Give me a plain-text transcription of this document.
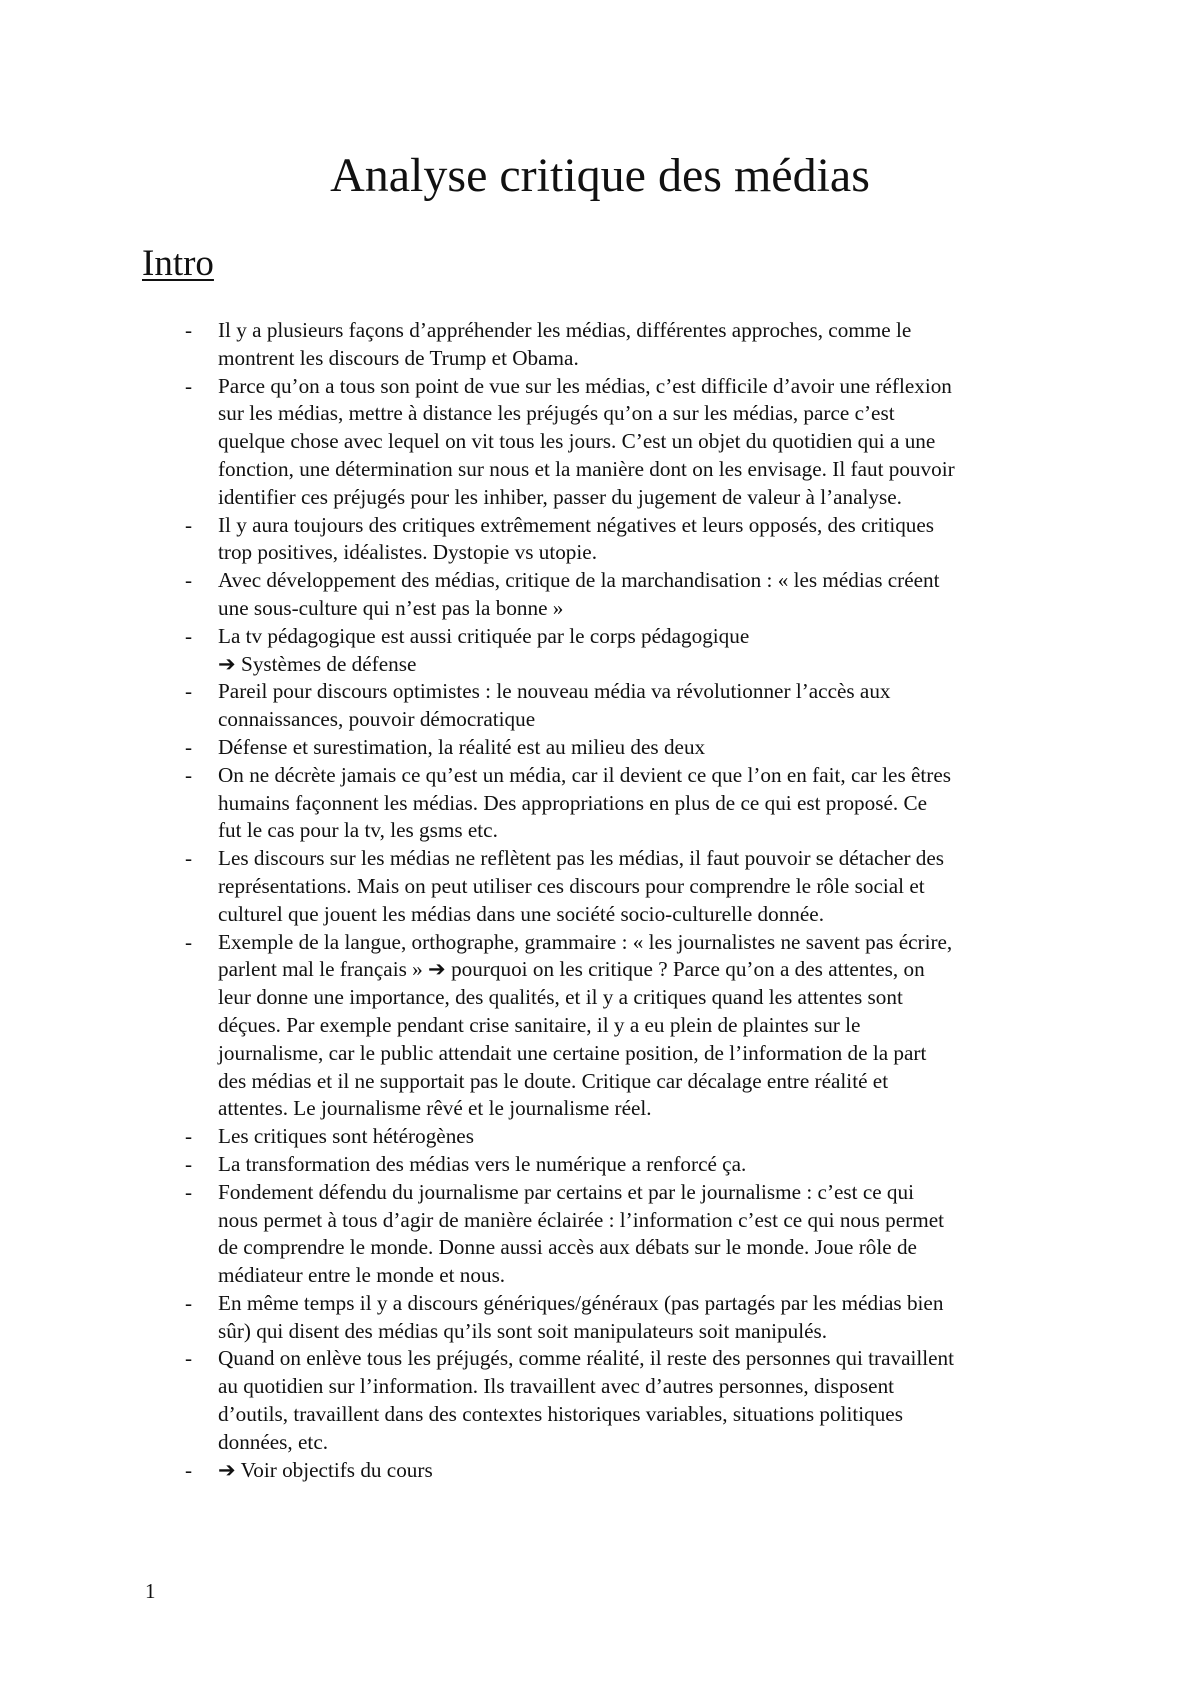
Analyse critique des médias
Intro
- Il y a plusieurs façons d’appréhender les médias, différentes approches, comme le
montrent les discours de Trump et Obama.
- Parce qu’on a tous son point de vue sur les médias, c’est difficile d’avoir une réflexion
sur les médias, mettre à distance les préjugés qu’on a sur les médias, parce c’est
quelque chose avec lequel on vit tous les jours. C’est un objet du quotidien qui a une
fonction, une détermination sur nous et la manière dont on les envisage. Il faut pouvoir
identifier ces préjugés pour les inhiber, passer du jugement de valeur à l’analyse.
- Il y aura toujours des critiques extrêmement négatives et leurs opposés, des critiques
trop positives, idéalistes. Dystopie vs utopie.
- Avec développement des médias, critique de la marchandisation : « les médias créent
une sous-culture qui n’est pas la bonne »
- La tv pédagogique est aussi critiquée par le corps pédagogique
➔ Systèmes de défense
- Pareil pour discours optimistes : le nouveau média va révolutionner l’accès aux
connaissances, pouvoir démocratique
- Défense et surestimation, la réalité est au milieu des deux
- On ne décrète jamais ce qu’est un média, car il devient ce que l’on en fait, car les êtres
humains façonnent les médias. Des appropriations en plus de ce qui est proposé. Ce
fut le cas pour la tv, les gsms etc.
- Les discours sur les médias ne reflètent pas les médias, il faut pouvoir se détacher des
représentations. Mais on peut utiliser ces discours pour comprendre le rôle social et
culturel que jouent les médias dans une société socio-culturelle donnée.
- Exemple de la langue, orthographe, grammaire : « les journalistes ne savent pas écrire,
parlent mal le français » ➔ pourquoi on les critique ? Parce qu’on a des attentes, on
leur donne une importance, des qualités, et il y a critiques quand les attentes sont
déçues. Par exemple pendant crise sanitaire, il y a eu plein de plaintes sur le
journalisme, car le public attendait une certaine position, de l’information de la part
des médias et il ne supportait pas le doute. Critique car décalage entre réalité et
attentes. Le journalisme rêvé et le journalisme réel.
- Les critiques sont hétérogènes
- La transformation des médias vers le numérique a renforcé ça.
- Fondement défendu du journalisme par certains et par le journalisme : c’est ce qui
nous permet à tous d’agir de manière éclairée : l’information c’est ce qui nous permet
de comprendre le monde. Donne aussi accès aux débats sur le monde. Joue rôle de
médiateur entre le monde et nous.
- En même temps il y a discours génériques/généraux (pas partagés par les médias bien
sûr) qui disent des médias qu’ils sont soit manipulateurs soit manipulés.
- Quand on enlève tous les préjugés, comme réalité, il reste des personnes qui travaillent
au quotidien sur l’information. Ils travaillent avec d’autres personnes, disposent
d’outils, travaillent dans des contextes historiques variables, situations politiques
données, etc.
- ➔ Voir objectifs du cours
1
